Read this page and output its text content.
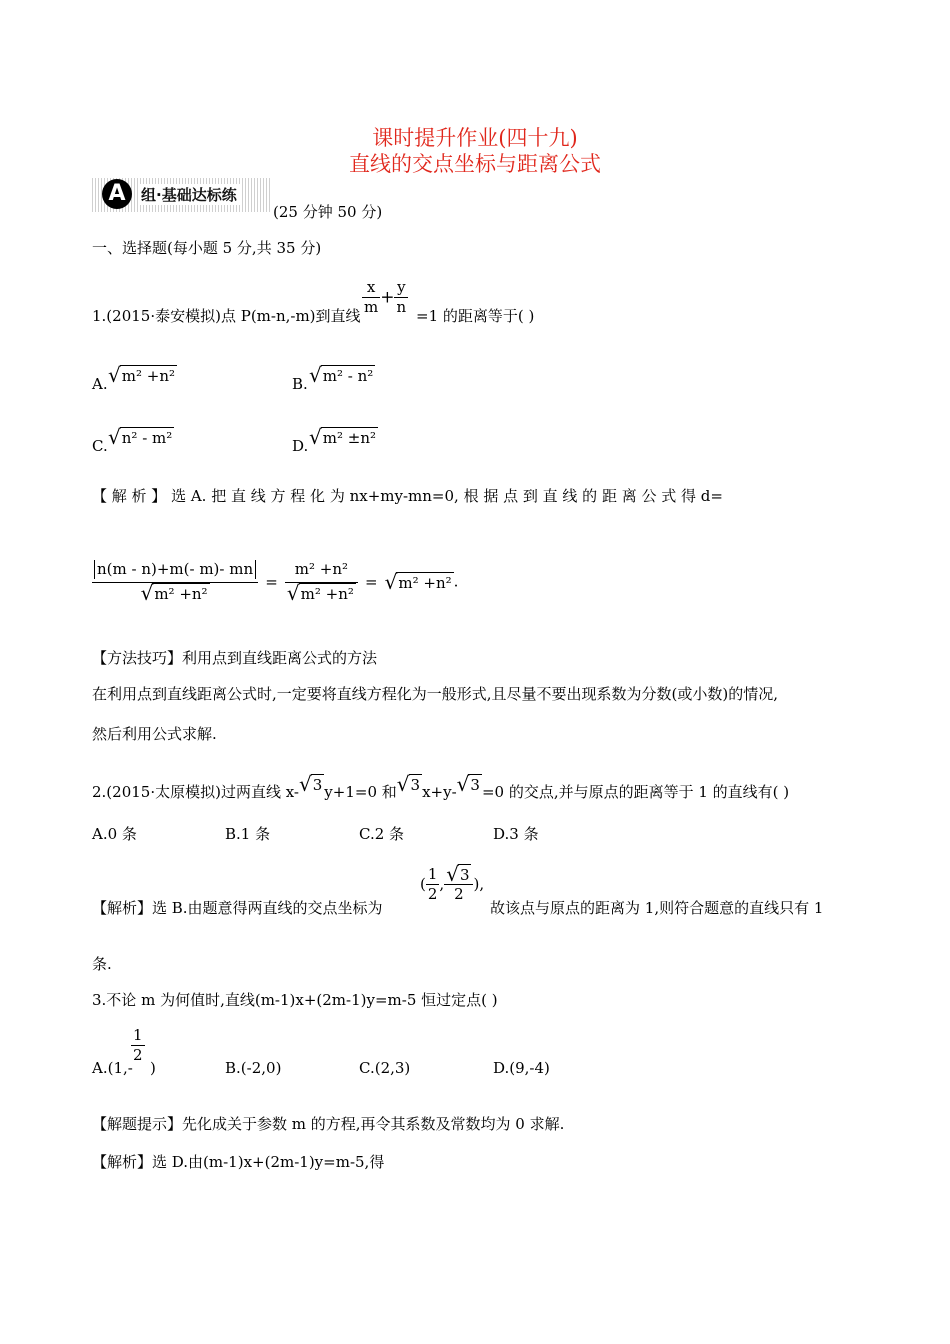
课时提升作业(四十九)
直线的交点坐标与距离公式
A	组·基础达标练
(25 分钟 50 分)
一、选择题(每小题 5 分,共 35 分)
1.(2015·泰安模拟)点 P(m-n,-m)到直线 $\frac{x}{m} + \frac{y}{n} =1$ 的距离等于( )
A. √ m² +n²	B. √ m² - n²
C. √ n² - m²	D. √ m² ±n²
【 解 析 】 选 A. 把 直 线 方 程 化 为 nx+my-mn=0, 根 据 点 到 直 线 的 距 离 公 式 得 d=
$\frac{n(m - n)+m(- m)- mn}{\text{√ m² +n²}} = \frac{\text{m² +n²}}{\text{√ m² +n²}}$ = √ m² +n² .
【方法技巧】利用点到直线距离公式的方法
在利用点到直线距离公式时,一定要将直线方程化为一般形式,且尽量不要出现系数为分数(或小数)的情况,
然后利用公式求解.
2.(2015·太原模拟)过两直线 x- √ 3 y+1=0 和 √ 3 x+y- √ 3 =0 的交点,并与原点的距离等于 1 的直线有( )
A.0 条	B.1 条	C.2 条	D.3 条
【解析】选 B.由题意得两直线的交点坐标为
( $\frac{1}{2}$ , $\frac{√ 3}{2}$ ),
故该点与原点的距离为 1,则符合题意的直线只有 1
条.
3.不论 m 为何值时,直线(m-1)x+(2m-1)y=m-5 恒过定点( )
A.(1,-
$\frac{1}{2}$
)	B.(-2,0)	C.(2,3)	D.(9,-4)
【解题提示】先化成关于参数 m 的方程,再令其系数及常数均为 0 求解.
【解析】选 D.由(m-1)x+(2m-1)y=m-5,得
